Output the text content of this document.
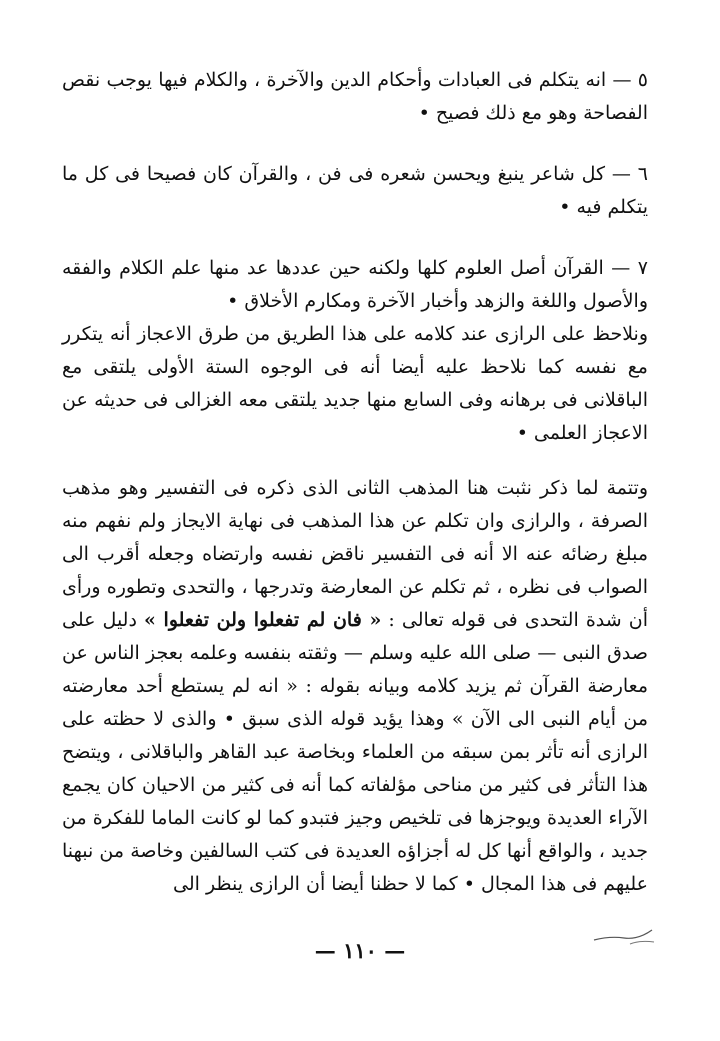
٥ — انه يتكلم فى العبادات وأحكام الدين والآخرة ، والكلام فيها يوجب نقص الفصاحة وهو مع ذلك فصيح •

٦ — كل شاعر ينبغ ويحسن شعره فى فن ، والقرآن كان فصيحا فى كل ما يتكلم فيه •

٧ — القرآن أصل العلوم كلها ولكنه حين عددها عد منها علم الكلام والفقه والأصول واللغة والزهد وأخبار الآخرة ومكارم الأخلاق •

ونلاحظ على الرازى عند كلامه على هذا الطريق من طرق الاعجاز أنه يتكرر مع نفسه كما نلاحظ عليه أيضا أنه فى الوجوه الستة الأولى يلتقى مع الباقلانى فى برهانه وفى السابع منها جديد يلتقى معه الغزالى فى حديثه عن الاعجاز العلمى •

وتتمة لما ذكر نثبت هنا المذهب الثانى الذى ذكره فى التفسير وهو مذهب الصرفة ، والرازى وان تكلم عن هذا المذهب فى نهاية الايجاز ولم نفهم منه مبلغ رضائه عنه الا أنه فى التفسير ناقض نفسه وارتضاه وجعله أقرب الى الصواب فى نظره ، ثم تكلم عن المعارضة وتدرجها ، والتحدى وتطوره ورأى أن شدة التحدى فى قوله تعالى : « فان لم تفعلوا ولن تفعلوا » دليل على صدق النبى — صلى الله عليه وسلم — وثقته بنفسه وعلمه بعجز الناس عن معارضة القرآن ثم يزيد كلامه وبيانه بقوله : « انه لم يستطع أحد معارضته من أيام النبى الى الآن » وهذا يؤيد قوله الذى سبق • والذى لا حظته على الرازى أنه تأثر بمن سبقه من العلماء وبخاصة عبد القاهر والباقلانى ، ويتضح هذا التأثر فى كثير من مناحى مؤلفاته كما أنه فى كثير من الاحيان كان يجمع الآراء العديدة ويوجزها فى تلخيص وجيز فتبدو كما لو كانت الماما للفكرة من جديد ، والواقع أنها كل له أجزاؤه العديدة فى كتب السالفين وخاصة من نبهنا عليهم فى هذا المجال • كما لا حظنا أيضا أن الرازى ينظر الى

— ١١٠ —
